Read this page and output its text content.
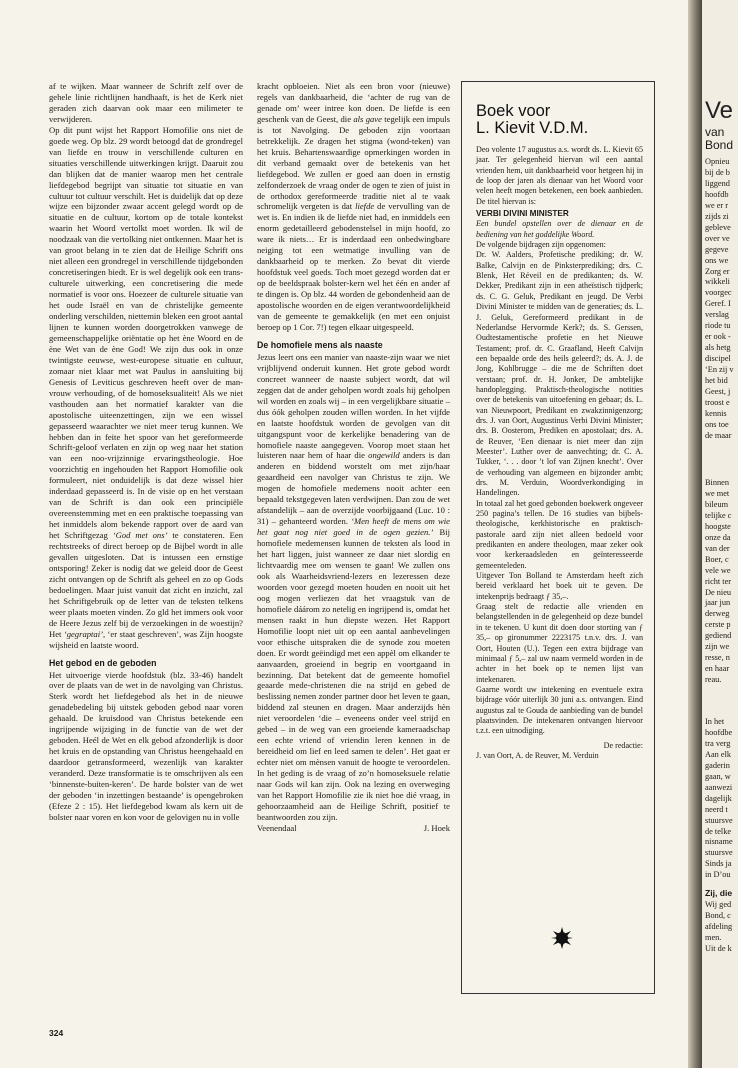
af te wijken. Maar wanneer de Schrift zelf over de gehele linie richtlijnen handhaaft, is het de Kerk niet geraden zich daarvan ook maar een milimeter te verwijderen.

Op dit punt wijst het Rapport Homofilie ons niet de goede weg. Op blz. 29 wordt betoogd dat de grondregel van liefde en trouw in verschillende culturen en situaties verschillende uitwerkingen krijgt. Daaruit zou dan blijken dat de manier waarop men het centrale liefdegebod begrijpt van situatie tot situatie en van cultuur tot cultuur verschilt. Het is duidelijk dat op deze wijze een bijzonder zwaar accent gelegd wordt op de situatie en de cultuur, kortom op de totale kontekst waarin het Woord vertolkt moet worden. Ik wil de noodzaak van die vertolking niet ontkennen. Maar het is van groot belang in te zien dat de Heilige Schrift ons niet alleen een grondregel in verschillende tijdgebonden concretiseringen biedt. Er is wel degelijk ook een trans-culturele uitwerking, een concretisering die mede normatief is voor ons. Hoezeer de culturele situatie van het oude Israël en van de christelijke gemeente onderling verschilden, niettemin bleken een groot aantal lijnen te kunnen worden doorgetrokken vanwege de gemeenschappelijke oriëntatie op het ène Woord en de ène Wet van de ène God! We zijn dus ook in onze twintigste eeuwse, west-europese situatie en cultuur, zomaar niet klaar met wat Paulus in aansluiting bij Genesis of Leviticus geschreven heeft over de man-vrouw verhouding, of de homoseksualiteit! Als we niet vasthouden aan het normatief karakter van die apostolische uiteenzettingen, zijn we een wissel gepasseerd waarachter we niet meer terug kunnen. We hebben dan in feite het spoor van het gereformeerde Schrift-geloof verlaten en zijn op weg naar het station van een noo-vrijzinnige ervaringstheologie. Hoe voorzichtig en ingehouden het Rapport Homofilie ook formuleert, niet onduidelijk is dat deze wissel hier inderdaad gepasseerd is. In de visie op en het verstaan van de Schrift is dan ook een principiële overeenstemming met en een praktische toepassing van het inmiddels alom bekende rapport over de aard van het Schriftgezag ‘God met ons’ te constateren. Een rechtstreeks of direct beroep op de Bijbel wordt in alle gevallen uitgesloten. Dat is intussen een ernstige ontsporing! Zeker is nodig dat we geleid door de Geest zicht ontvangen op de Schrift als geheel en zo op Gods bedoelingen. Maar juist vanuit dat zicht en inzicht, zal het Schriftgebruik op de letter van de teksten telkens weer plaats moeten vinden. Zo gld het immers ook voor de Heere Jezus zelf bij de verzoekingen in de woestijn? Het ‘gegraptai’, ‘er staat geschreven’, was Zijn hoogste wijsheid en laatste woord.

Het gebod en de geboden

Het uitvoerige vierde hoofdstuk (blz. 33-46) handelt over de plaats van de wet in de navolging van Christus. Sterk wordt het liefdegebod als het in de nieuwe genadebedeling bij uitstek geboden gebod naar voren gehaald. De kruisdood van Christus betekende een ingrijpende wijziging in de functie van de wet der geboden. Heél de Wet en elk gebod afzonderlijk is door het kruis en de opstanding van Christus heengehaald en daardoor getransformeerd, wezenlijk van karakter veranderd. Deze transformatie is te omschrijven als een ‘binnenste-buiten-keren’. De harde bolster van de wet der geboden ‘in inzettingen bestaande’ is opengebroken (Efeze 2 : 15). Het liefdegebod kwam als kern uit de bolster naar voren en kon voor de gelovigen nu in volle

kracht opbloeien. Niet als een bron voor (nieuwe) regels van dankbaarheid, die ‘achter de rug van de genade om’ weer intree kon doen. De liefde is een geschenk van de Geest, die als gave tegelijk een impuls is tot Navolging. De geboden zijn voortaan betrekkelijk. Ze dragen het stigma (wond-teken) van het kruis. Behartenswaardige opmerkingen worden in dit verband gemaakt over de betekenis van het liefdegebod. We zullen er goed aan doen in ernstig zelfonderzoek de vraag onder de ogen te zien of juist in de orthodox gereformeerde traditie niet al te vaak schromelijk vergeten is dat liefde de vervulling van de wet is. En indien ik de liefde niet had, en inmiddels een enorm gedetailleerd gebodenstelsel in mijn hoofd, zo ware ik niets… Er is inderdaad een onbedwingbare neiging tot een wetmatige invulling van de dankbaarheid op te merken. Zo bevat dit vierde hoofdstuk veel goeds. Toch moet gezegd worden dat er op de beeldspraak bolster-kern wel het één en ander af te dingen is. Op blz. 44 worden de gebondenheid aan de apostolische woorden en de eigen verantwoordelijkheid van de gemeente te gemakkelijk (en met een onjuist beroep op 1 Cor. 7!) tegen elkaar uitgespeeld.

De homofiele mens als naaste

Jezus leert ons een manier van naaste-zijn waar we niet vrijblijvend onderuit kunnen. Het grote gebod wordt concreet wanneer de naaste subject wordt, dat wil zeggen dat de ander geholpen wordt zoals hij geholpen wil worden en zoals wij – in een vergelijkbare situatie – dus óók geholpen zouden willen worden. In het vijfde en laatste hoofdstuk worden de gevolgen van dit uitgangspunt voor de kerkelijke benadering van de homofiele naaste aangegeven. Voorop moet staan het luisteren naar hem of haar die ongewild anders is dan anderen en biddend worstelt om met zijn/haar geaardheid een navolger van Christus te zijn. We mogen de homofiele medemens nooit achter een bepaald tekstgegeven laten verdwijnen. Dan zou de wet afstandelijk – aan de overzijde voorbijgaand (Luc. 10 : 31) – gehanteerd worden. ‘Men heeft de mens om wie het gaat nog niet goed in de ogen gezien.’ Bij homofiele medemensen kunnen de teksten als lood in het hart liggen, juist wanneer ze daar niet slordig en lichtvaardig mee om wensen te gaan! We zullen ons ook als Waarheidsvriend-lezers en lezeressen deze woorden voor gezegd moeten houden en nooit uit het oog mogen verliezen dat het vraagstuk van de homofiele dáárom zo netelig en ingrijpend is, omdat het mensen raakt in hun diepste wezen. Het Rapport Homofilie loopt niet uit op een aantal aanbevelingen voor ethische uitspraken die de synode zou moeten doen. Er wordt geëindigd met een appèl om elkander te aanvaarden, groeiend in begrip en voortgaand in bezinning. Dat betekent dat de gemeente homofiel geaarde mede-christenen die na strijd en gebed de beslissing nemen zonder partner door het leven te gaan, biddend zal steunen en dragen. Maar anderzijds hèn niet veroordelen ‘die – eveneens onder veel strijd en gebed – in de weg van een groeiende kameraadschap een echte vriend of vriendin leren kennen in de bereidheid om lief en leed samen te delen’. Het gaat er echter niet om mènsen vanuit de hoogte te veroordelen. In het geding is de vraag of zo’n homoseksuele relatie naar Gods wil kan zijn. Ook na lezing en overweging van het Rapport Homofilie zie ik niet hoe dié vraag, in gehoorzaamheid aan de Heilige Schrift, positief te beantwoorden zou zijn.

Veenendaal	J. Hoek

Boek voor
L. Kievit V.D.M.

Deo volente 17 augustus a.s. wordt ds. L. Kievit 65 jaar. Ter gelegenheid hiervan wil een aantal vrienden hem, uit dankbaarheid voor hetgeen hij in de loop der jaren als dienaar van het Woord voor velen heeft mogen betekenen, een boek aanbieden. De titel hiervan is:

VERBI DIVINI MINISTER

Een bundel opstellen over de dienaar en de bediening van het goddelijke Woord.

De volgende bijdragen zijn opgenomen:

Dr. W. Aalders, Profetische prediking; dr. W. Balke, Calvijn en de Pinksterprediking; drs. C. Blenk, Het Réveil en de predikanten; ds. W. Dekker, Predikant zijn in een atheïstisch tijdperk; ds. C. G. Geluk, Predikant en jeugd. De Verbi Divini Minister te midden van de generaties; ds. L. J. Geluk, Gereformeerd predikant in de Nederlandse Hervormde Kerk?; ds. S. Gerssen, Oudtestamentische profetie en het Nieuwe Testament; prof. dr. C. Graafland, Heeft Calvijn een bepaalde orde des heils geleerd?; ds. A. J. de Jong, Kohlbrugge – die me de Schriften doet verstaan; prof. dr. H. Jonker, De ambtelijke handoplegging. Praktisch-theologische notities over de betekenis van uitoefening en gebaar; ds. L. van Nieuwpoort, Predikant en zwakzinnigenzorg; drs. J. van Oort, Augustinus Verbi Divini Minister; drs. B. Oosterom, Prediken en apostolaat; drs. A. de Reuver, ‘Een dienaar is niet meer dan zijn Meester’. Luther over de aanvechting; dr. C. A. Tukker, ‘. . . door ’t lof van Zijnen knecht’. Over de verhouding van algemeen en bijzonder ambt; drs. M. Verduin, Woordverkondiging in Handelingen.

In totaal zal het goed gebonden boekwerk ongeveer 250 pagina’s tellen. De 16 studies van bijbels-theologische, kerkhistorische en praktisch-pastorale aard zijn niet alleen bedoeld voor predikanten en andere theologen, maar zeker ook voor kerkeraadsleden en geïnteresseerde gemeenteleden.

Uitgever Ton Bolland te Amsterdam heeft zich bereid verklaard het boek uit te geven. De intekenprijs bedraagt ƒ 35,–.

Graag stelt de redactie alle vrienden en belangstellenden in de gelegenheid op deze bundel in te tekenen. U kunt dit doen door storting van ƒ 35,– op gironummer 2223175 t.n.v. drs. J. van Oort, Houten (U.). Tegen een extra bijdrage van minimaal ƒ 5,– zal uw naam vermeld worden in de achter in het boek op te nemen lijst van intekenaren.

Gaarne wordt uw intekening en eventuele extra bijdrage vóór uiterlijk 30 juni a.s. ontvangen. Eind augustus zal te Gouda de aanbieding van de bundel plaatsvinden. De intekenaren ontvangen hiervoor t.z.t. een uitnodiging.

De redactie:

J. van Oort, A. de Reuver, M. Verduin

324
Ve
van
Bond
Opnieu
bij de b
liggend
hoofdb
we er r
zijds zi
gebleve
over ve
gegeve
ons we
Zorg er
wikkeli
voorgec
Geref. I
verslag
riode tu
er ook -
als hetg
discipel
‘En zij v
het bid
Geest, j
troost e
kennis
ons toe
de maar
Binnen
we met
bileum
telijke c
hoogste
onze da
van der
Boer, c
vele we
richt ter
De nieu
jaar jun
derweg
cerste p
gediend
zijn we
resse, n
en haar
reau.
In het
hoofdbe
tra verg
Aan elk
gaderin
gaan, w
aanwezi
dagelijk
neerd t
stuursve
de telke
nisname
stuursve
Sinds ja
in D’ou
Zij, die
Wij ged
Bond, c
afdeling
men.
Uit de k
